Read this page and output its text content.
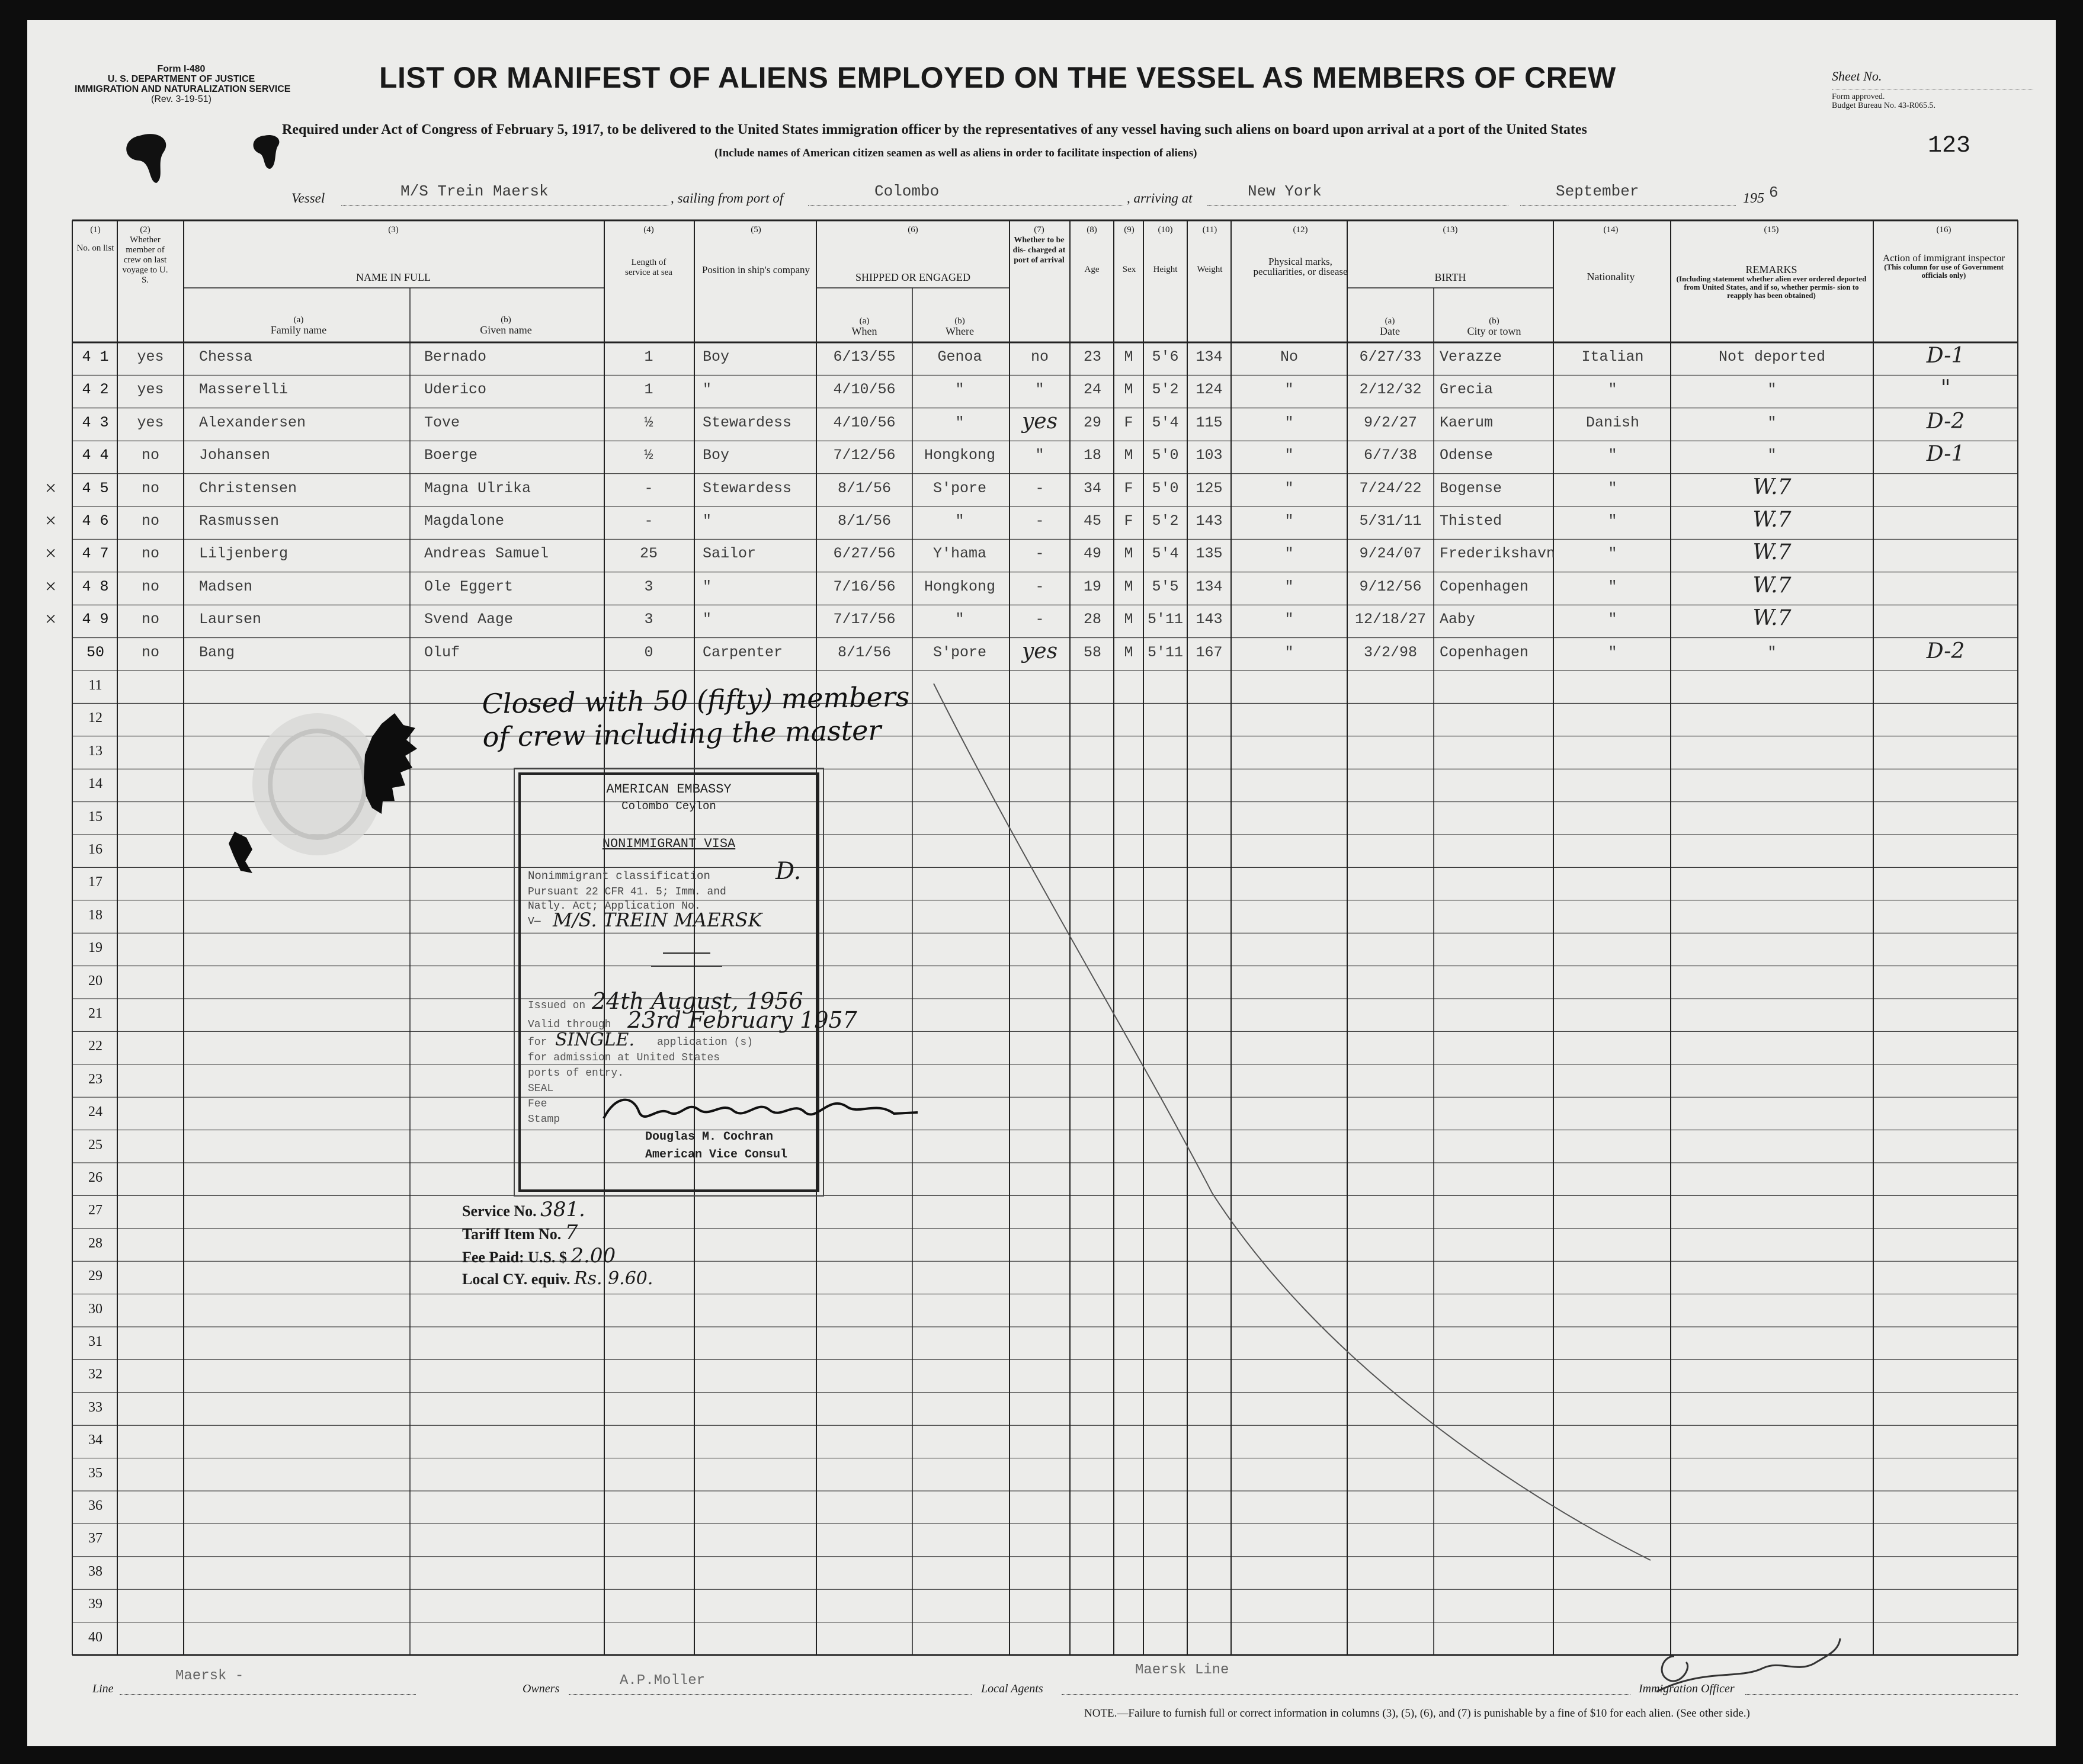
Form I-480
U. S. DEPARTMENT OF JUSTICE
IMMIGRATION AND NATURALIZATION SERVICE
(Rev. 3-19-51)
LIST OR MANIFEST OF ALIENS EMPLOYED ON THE VESSEL AS MEMBERS OF CREW
Required under Act of Congress of February 5, 1917, to be delivered to the United States immigration officer by the representatives of any vessel having such aliens on board upon arrival at a port of the United States
(Include names of American citizen seamen as well as aliens in order to facilitate inspection of aliens)
Sheet No.
Form approved.
Budget Bureau No. 43-R065.5.
123
Vessel	M/S Trein Maersk	, sailing from port of	Colombo	, arriving at	New York	September	195 6
(1)
No. on list
(2)
Whether member of crew on last voyage to U. S.
(3)
NAME IN FULL
(a)
Family name
(b)
Given name
(4)
Length of service at sea
(5)
Position in ship's company
(6)
SHIPPED OR ENGAGED
(a)
When
(b)
Where
(7)
Whether to be dis- charged at port of arrival
(8)
Age
(9)
Sex
(10)
Height
(11)
Weight
(12)
Physical marks, peculiarities, or disease
(13)
BIRTH
(a)
Date
(b)
City or town
(14)
Nationality
(15)
REMARKS
(Including statement whether alien ever ordered deported from United States, and if so, whether permis- sion to reapply has been obtained)
(16)
Action of immigrant inspector
(This column for use of Government officials only)
4 1	yes	Chessa	Bernado	1	Boy	6/13/55	Genoa	no	23	M	5'6	134	No	6/27/33	Verazze	Italian	Not deported	D-1
4 2	yes	Masserelli	Uderico	1	"	4/10/56	"	"	24	M	5'2	124	"	2/12/32	Grecia	"	"	"
4 3	yes	Alexandersen	Tove	½	Stewardess	4/10/56	"	yes	29	F	5'4	115	"	9/2/27	Kaerum	Danish	"	D-2
4 4	no	Johansen	Boerge	½	Boy	7/12/56	Hongkong	"	18	M	5'0	103	"	6/7/38	Odense	"	"	D-1
×	4 5	no	Christensen	Magna Ulrika	-	Stewardess	8/1/56	S'pore	-	34	F	5'0	125	"	7/24/22	Bogense	"	W.7
×	4 6	no	Rasmussen	Magdalone	-	"	8/1/56	"	-	45	F	5'2	143	"	5/31/11	Thisted	"	W.7
×	4 7	no	Liljenberg	Andreas Samuel	25	Sailor	6/27/56	Y'hama	-	49	M	5'4	135	"	9/24/07	Frederikshavn	"	W.7
×	4 8	no	Madsen	Ole Eggert	3	"	7/16/56	Hongkong	-	19	M	5'5	134	"	9/12/56	Copenhagen	"	W.7
×	4 9	no	Laursen	Svend Aage	3	"	7/17/56	"	-	28	M 5'11 143	"	12/18/27 Aaby	"	W.7
50	no	Bang	Oluf	0	Carpenter	8/1/56	S'pore	yes	58	M 5'11 167	"	3/2/98	Copenhagen	"	"	D-2
11
12
13
14
15
16
17
18
19
20
21
22
23
24
25
26
27
28
29
30
31
32
33
34
35
36
37
38
39
40
Closed with 50 (fifty) members
of crew including the master
AMERICAN EMBASSY
Colombo Ceylon
NONIMMIGRANT VISA
Nonimmigrant classification	D.
Pursuant 22 CFR 41. 5; Imm. and
Natly. Act; Application No.
V— M/S. TREIN MAERSK
Issued on 24th August, 1956
Valid through 23rd February 1957
for SINGLE. application (s)
for admission at United States
ports of entry.
SEAL
Fee
Stamp
Douglas M. Cochran
American Vice Consul
Service No. 381.
Tariff Item No. 7
Fee Paid: U.S. $ 2.00
Local CY. equiv. Rs. 9.60.
Line
Maersk -
Owners	A.P.Moller	Local Agents
Maersk Line
Immigration Officer
NOTE.—Failure to furnish full or correct information in columns (3), (5), (6), and (7) is punishable by a fine of $10 for each alien. (See other side.)
